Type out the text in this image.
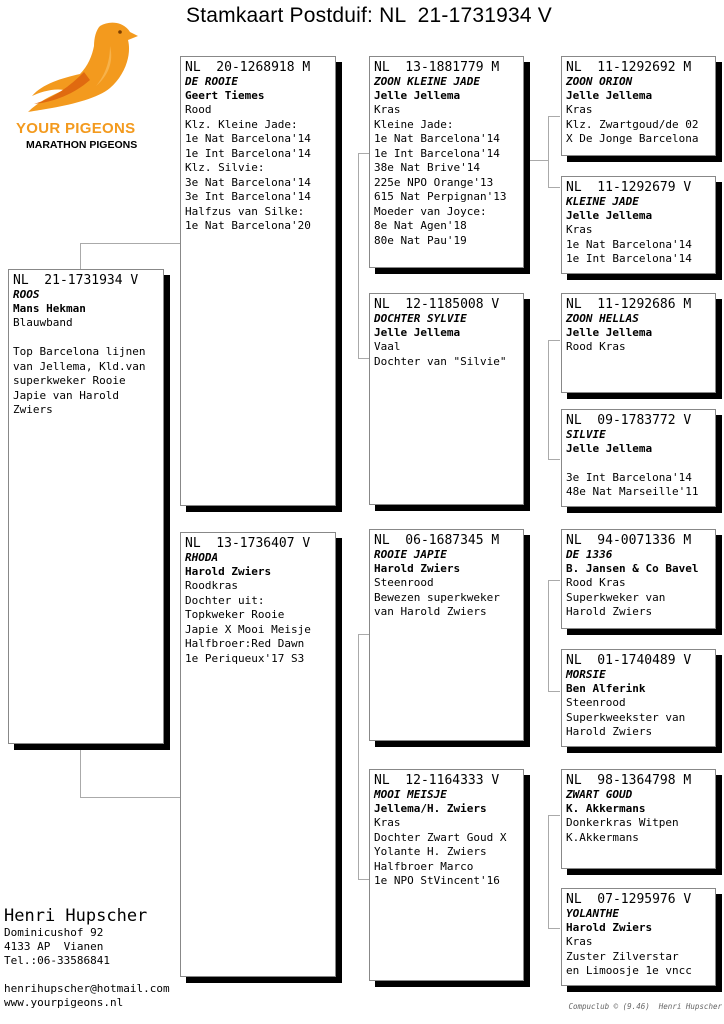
Stamkaart Postduif: NL  21-1731934 V
YOUR PIGEONS
MARATHON PIGEONS
NL  21-1731934 V
ROOS
Mans Hekman
Blauwband
Top Barcelona lijnen
van Jellema, Kld.van
superkweker Rooie
Japie van Harold
Zwiers
NL  20-1268918 M
DE ROOIE
Geert Tiemes
Rood
Klz. Kleine Jade:
1e Nat Barcelona'14
1e Int Barcelona'14
Klz. Silvie:
3e Nat Barcelona'14
3e Int Barcelona'14
Halfzus van Silke:
1e Nat Barcelona'20
NL  13-1736407 V
RHODA
Harold Zwiers
Roodkras
Dochter uit:
Topkweker Rooie
Japie X Mooi Meisje
Halfbroer:Red Dawn
1e Periqueux'17 S3
NL  13-1881779 M
ZOON KLEINE JADE
Jelle Jellema
Kras
Kleine Jade:
1e Nat Barcelona'14
1e Int Barcelona'14
38e Nat Brive'14
225e NPO Orange'13
615 Nat Perpignan'13
Moeder van Joyce:
8e Nat Agen'18
80e Nat Pau'19
NL  12-1185008 V
DOCHTER SYLVIE
Jelle Jellema
Vaal
Dochter van "Silvie"
NL  06-1687345 M
ROOIE JAPIE
Harold Zwiers
Steenrood
Bewezen superkweker
van Harold Zwiers
NL  12-1164333 V
MOOI MEISJE
Jellema/H. Zwiers
Kras
Dochter Zwart Goud X
Yolante H. Zwiers
Halfbroer Marco
1e NPO StVincent'16
NL  11-1292692 M
ZOON ORION
Jelle Jellema
Kras
Klz. Zwartgoud/de 02
X De Jonge Barcelona
NL  11-1292679 V
KLEINE JADE
Jelle Jellema
Kras
1e Nat Barcelona'14
1e Int Barcelona'14
NL  11-1292686 M
ZOON HELLAS
Jelle Jellema
Rood Kras
NL  09-1783772 V
SILVIE
Jelle Jellema
3e Int Barcelona'14
48e Nat Marseille'11
NL  94-0071336 M
DE 1336
B. Jansen & Co Bavel
Rood Kras
Superkweker van
Harold Zwiers
NL  01-1740489 V
MORSIE
Ben Alferink
Steenrood
Superkweekster van
Harold Zwiers
NL  98-1364798 M
ZWART GOUD
K. Akkermans
Donkerkras Witpen
K.Akkermans
NL  07-1295976 V
YOLANTHE
Harold Zwiers
Kras
Zuster Zilverstar
en Limoosje 1e vncc
Henri Hupscher
Dominicushof 92
4133 AP  Vianen
Tel.:06-33586841

henrihupscher@hotmail.com
www.yourpigeons.nl	Compuclub © (9.46)  Henri Hupscher
